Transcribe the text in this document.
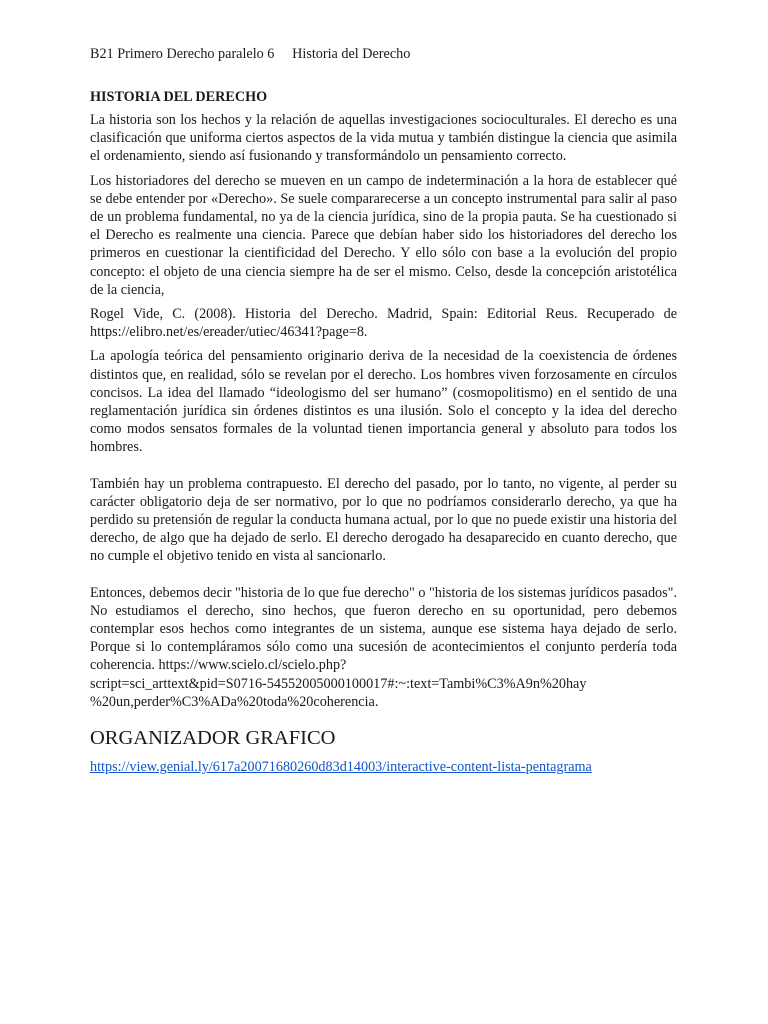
B21 Primero Derecho paralelo 6 Historia del Derecho
HISTORIA DEL DERECHO

La historia son los hechos y la relación de aquellas investigaciones socioculturales. El derecho es una clasificación que uniforma ciertos aspectos de la vida mutua y también distingue la ciencia que asimila el ordenamiento, siendo así fusionando y transformándolo un pensamiento correcto.

Los historiadores del derecho se mueven en un campo de indeterminación a la hora de establecer qué se debe entender por «Derecho». Se suele compararecerse a un concepto instrumental para salir al paso de un problema fundamental, no ya de la ciencia jurídica, sino de la propia pauta. Se ha cuestionado si el Derecho es realmente una ciencia. Parece que debían haber sido los historiadores del derecho los primeros en cuestionar la cientificidad del Derecho. Y ello sólo con base a la evolución del propio concepto: el objeto de una ciencia siempre ha de ser el mismo. Celso, desde la concepción aristotélica de la ciencia,

Rogel Vide, C. (2008). Historia del Derecho. Madrid, Spain: Editorial Reus. Recuperado de https://elibro.net/es/ereader/utiec/46341?page=8.

La apología teórica del pensamiento originario deriva de la necesidad de la coexistencia de órdenes distintos que, en realidad, sólo se revelan por el derecho. Los hombres viven forzosamente en círculos concisos. La idea del llamado “ideologismo del ser humano” (cosmopolitismo) en el sentido de una reglamentación jurídica sin órdenes distintos es una ilusión. Solo el concepto y la idea del derecho como modos sensatos formales de la voluntad tienen importancia general y absoluto para todos los hombres.

También hay un problema contrapuesto. El derecho del pasado, por lo tanto, no vigente, al perder su carácter obligatorio deja de ser normativo, por lo que no podríamos considerarlo derecho, ya que ha perdido su pretensión de regular la conducta humana actual, por lo que no puede existir una historia del derecho, de algo que ha dejado de serlo. El derecho derogado ha desaparecido en cuanto derecho, que no cumple el objetivo tenido en vista al sancionarlo.

Entonces, debemos decir "historia de lo que fue derecho" o "historia de los sistemas jurídicos pasados". No estudiamos el derecho, sino hechos, que fueron derecho en su oportunidad, pero debemos contemplar esos hechos como integrantes de un sistema, aunque ese sistema haya dejado de serlo. Porque si lo contempláramos sólo como una sucesión de acontecimientos el conjunto perdería toda coherencia. https://www.scielo.cl/scielo.php?
script=sci_arttext&pid=S0716-54552005000100017#:~:text=Tambi%C3%A9n%20hay
%20un,perder%C3%ADa%20toda%20coherencia.
ORGANIZADOR GRAFICO
https://view.genial.ly/617a20071680260d83d14003/interactive-content-lista-pentagrama
